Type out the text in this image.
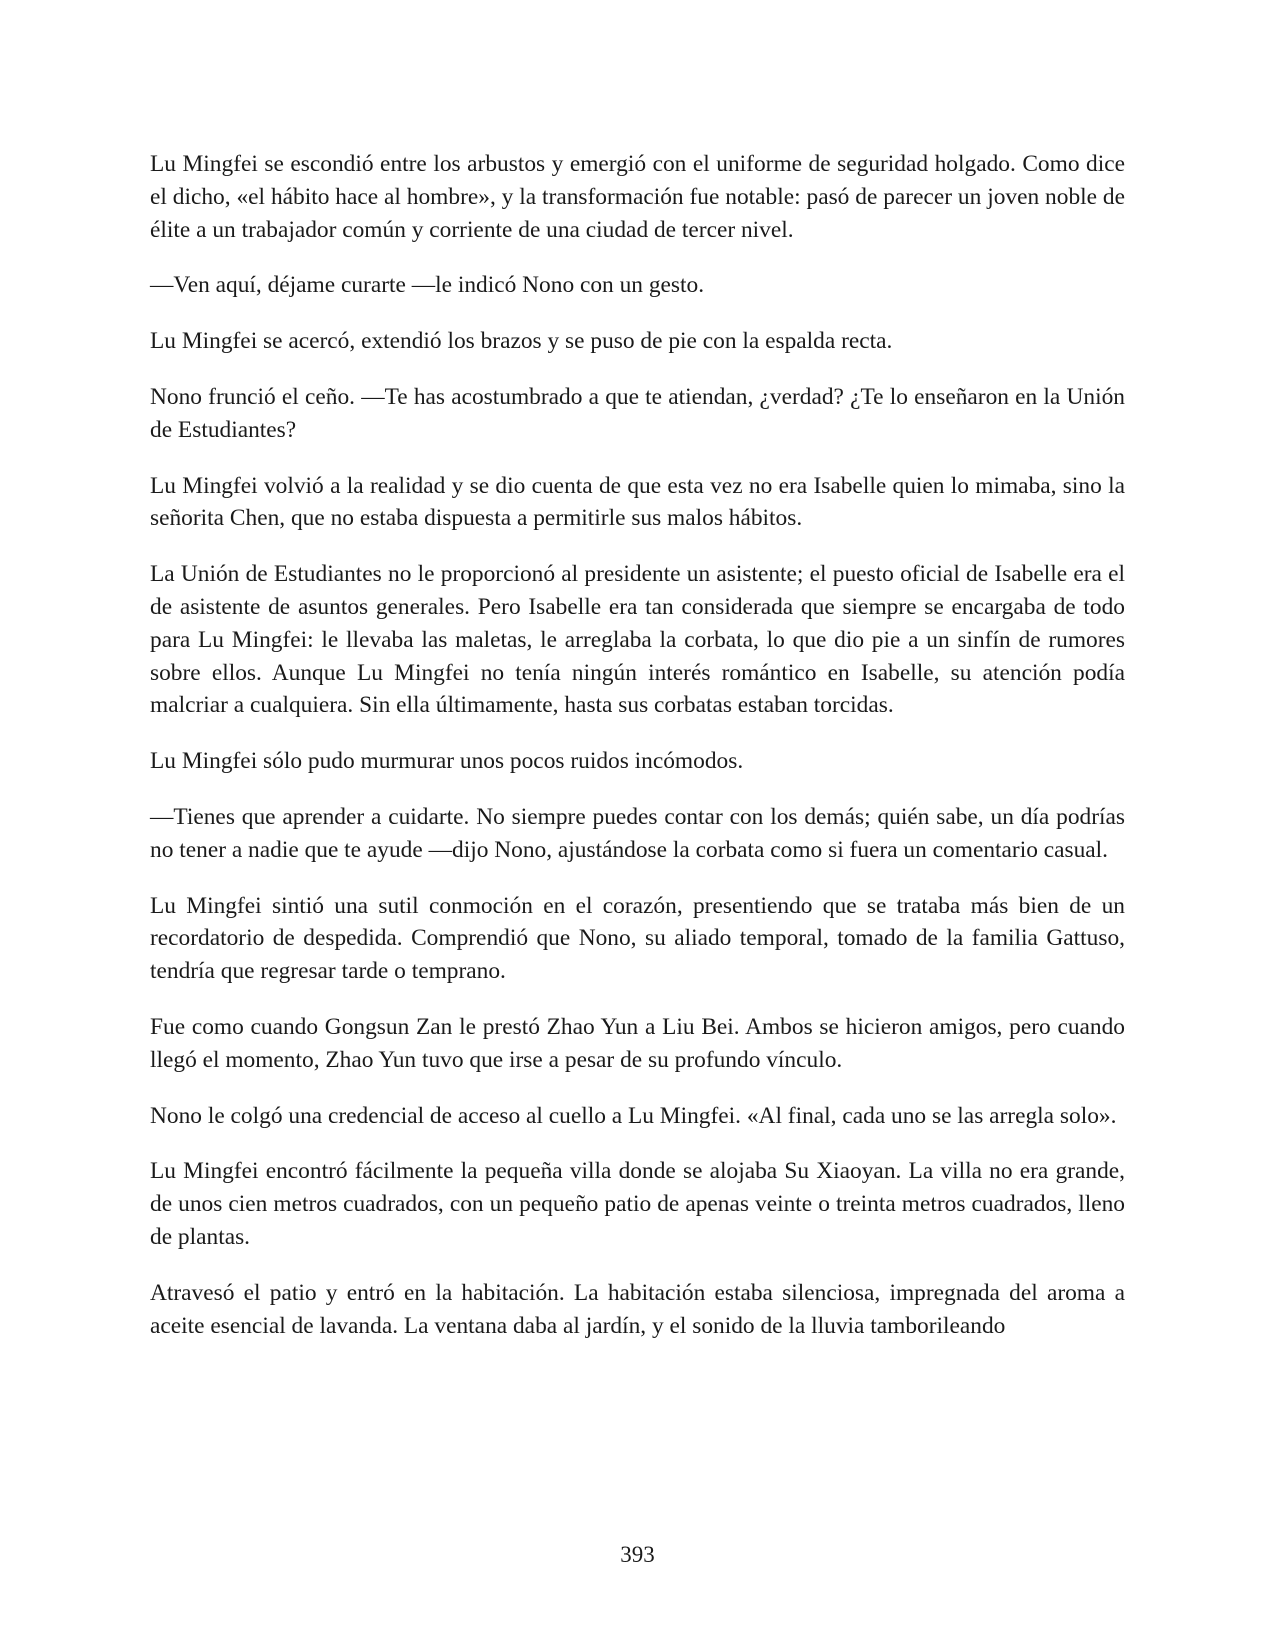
Lu Mingfei se escondió entre los arbustos y emergió con el uniforme de seguridad holgado. Como dice el dicho, «el hábito hace al hombre», y la transformación fue notable: pasó de parecer un joven noble de élite a un trabajador común y corriente de una ciudad de tercer nivel.

—Ven aquí, déjame curarte —le indicó Nono con un gesto.

Lu Mingfei se acercó, extendió los brazos y se puso de pie con la espalda recta.

Nono frunció el ceño. —Te has acostumbrado a que te atiendan, ¿verdad? ¿Te lo enseñaron en la Unión de Estudiantes?

Lu Mingfei volvió a la realidad y se dio cuenta de que esta vez no era Isabelle quien lo mimaba, sino la señorita Chen, que no estaba dispuesta a permitirle sus malos hábitos.

La Unión de Estudiantes no le proporcionó al presidente un asistente; el puesto oficial de Isabelle era el de asistente de asuntos generales. Pero Isabelle era tan considerada que siempre se encargaba de todo para Lu Mingfei: le llevaba las maletas, le arreglaba la corbata, lo que dio pie a un sinfín de rumores sobre ellos. Aunque Lu Mingfei no tenía ningún interés romántico en Isabelle, su atención podía malcriar a cualquiera. Sin ella últimamente, hasta sus corbatas estaban torcidas.

Lu Mingfei sólo pudo murmurar unos pocos ruidos incómodos.

—Tienes que aprender a cuidarte. No siempre puedes contar con los demás; quién sabe, un día podrías no tener a nadie que te ayude —dijo Nono, ajustándose la corbata como si fuera un comentario casual.

Lu Mingfei sintió una sutil conmoción en el corazón, presentiendo que se trataba más bien de un recordatorio de despedida. Comprendió que Nono, su aliado temporal, tomado de la familia Gattuso, tendría que regresar tarde o temprano.

Fue como cuando Gongsun Zan le prestó Zhao Yun a Liu Bei. Ambos se hicieron amigos, pero cuando llegó el momento, Zhao Yun tuvo que irse a pesar de su profundo vínculo.

Nono le colgó una credencial de acceso al cuello a Lu Mingfei. «Al final, cada uno se las arregla solo».

Lu Mingfei encontró fácilmente la pequeña villa donde se alojaba Su Xiaoyan. La villa no era grande, de unos cien metros cuadrados, con un pequeño patio de apenas veinte o treinta metros cuadrados, lleno de plantas.

Atravesó el patio y entró en la habitación. La habitación estaba silenciosa, impregnada del aroma a aceite esencial de lavanda. La ventana daba al jardín, y el sonido de la lluvia tamborileando

393
